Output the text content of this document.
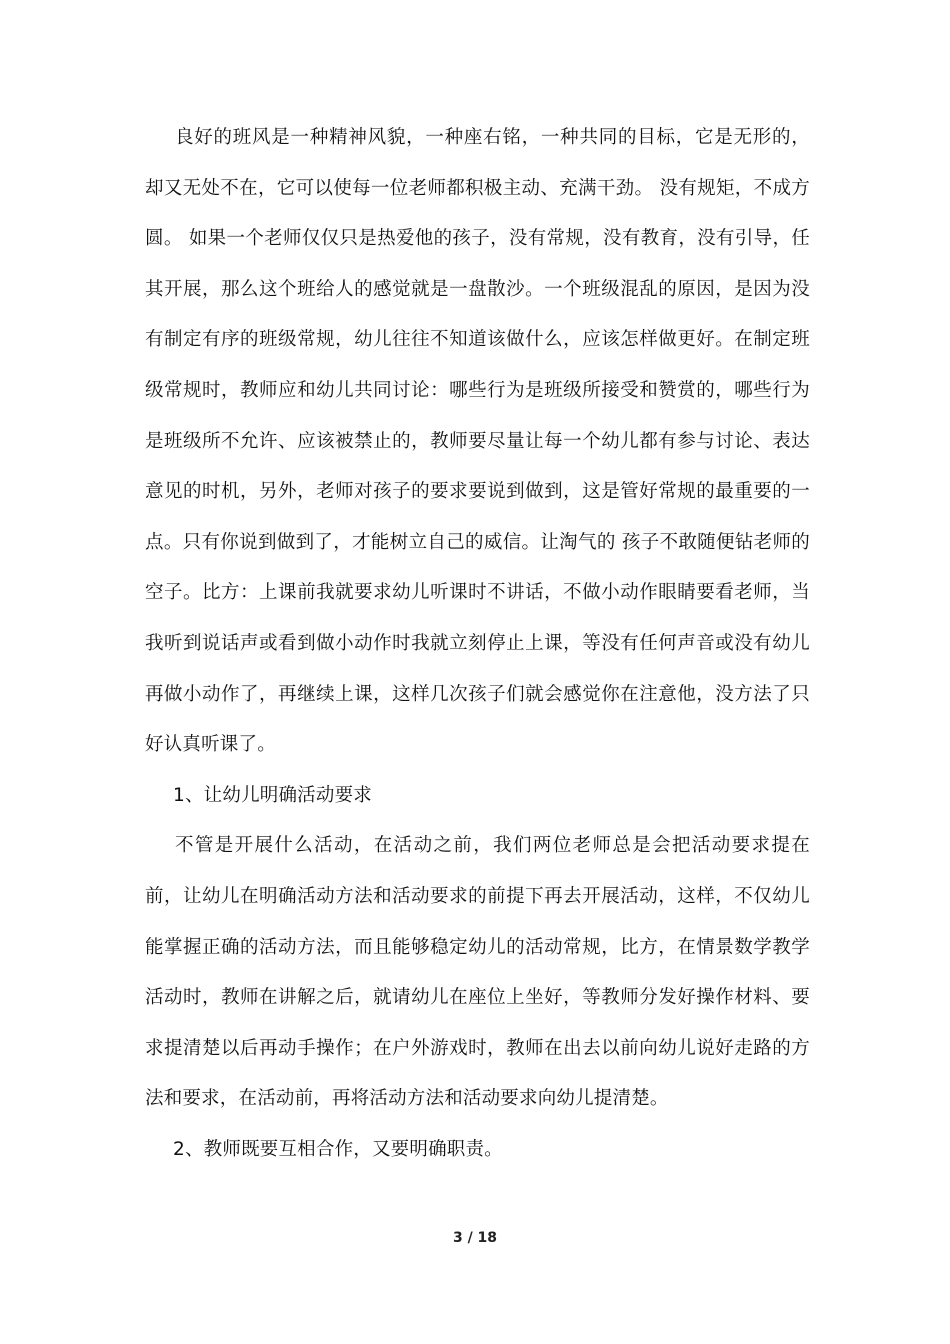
良好的班风是一种精神风貌，一种座右铭，一种共同的目标，它是无形的，却又无处不在，它可以使每一位老师都积极主动、充满干劲。 没有规矩，不成方圆。 如果一个老师仅仅只是热爱他的孩子，没有常规，没有教育，没有引导，任其开展，那么这个班给人的感觉就是一盘散沙。一个班级混乱的原因，是因为没有制定有序的班级常规，幼儿往往不知道该做什么，应该怎样做更好。在制定班级常规时，教师应和幼儿共同讨论：哪些行为是班级所接受和赞赏的，哪些行为是班级所不允许、应该被禁止的，教师要尽量让每一个幼儿都有参与讨论、表达意见的时机，另外，老师对孩子的要求要说到做到，这是管好常规的最重要的一点。只有你说到做到了，才能树立自己的威信。让淘气的 孩子不敢随便钻老师的空子。比方：上课前我就要求幼儿听课时不讲话，不做小动作眼睛要看老师，当我听到说话声或看到做小动作时我就立刻停止上课，等没有任何声音或没有幼儿再做小动作了，再继续上课，这样几次孩子们就会感觉你在注意他，没方法了只好认真听课了。

1、让幼儿明确活动要求

不管是开展什么活动，在活动之前，我们两位老师总是会把活动要求提在前，让幼儿在明确活动方法和活动要求的前提下再去开展活动，这样，不仅幼儿能掌握正确的活动方法，而且能够稳定幼儿的活动常规，比方，在情景数学教学活动时，教师在讲解之后，就请幼儿在座位上坐好，等教师分发好操作材料、要求提清楚以后再动手操作；在户外游戏时，教师在出去以前向幼儿说好走路的方法和要求，在活动前，再将活动方法和活动要求向幼儿提清楚。

2、教师既要互相合作，又要明确职责。

3 / 18
